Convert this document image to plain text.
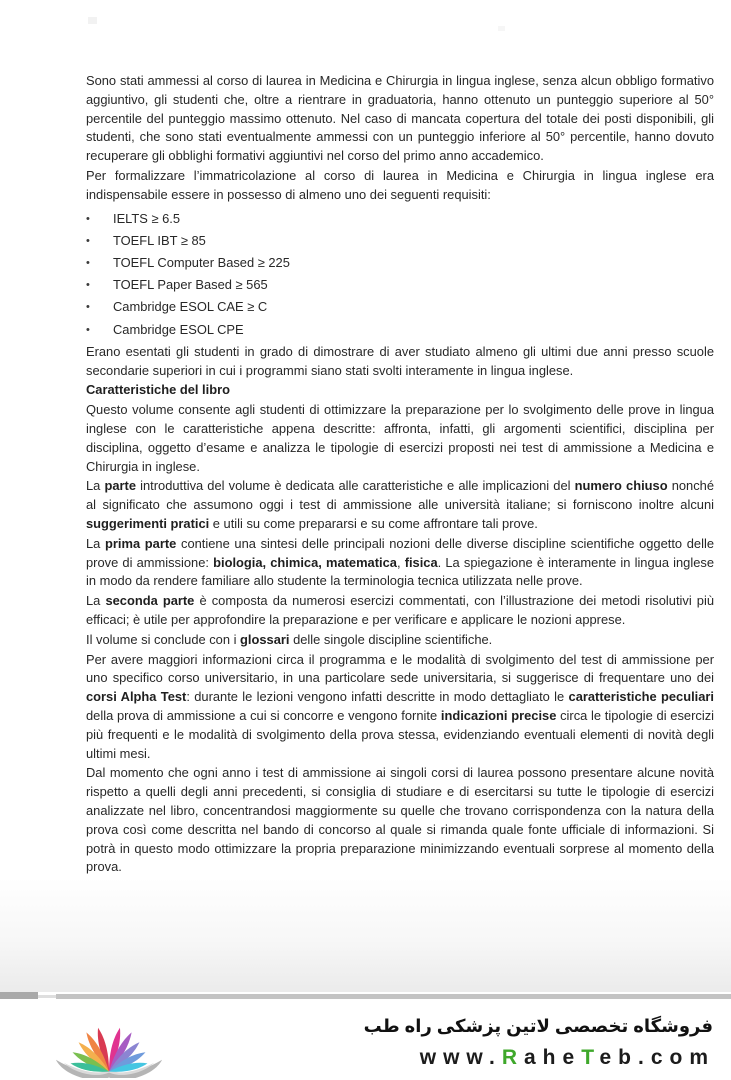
Sono stati ammessi al corso di laurea in Medicina e Chirurgia in lingua inglese, senza alcun obbligo formativo aggiuntivo, gli studenti che, oltre a rientrare in graduatoria, hanno ottenuto un punteggio superiore al 50° percentile del punteggio massimo ottenuto. Nel caso di mancata copertura del totale dei posti disponibili, gli studenti, che sono stati eventualmente ammessi con un punteggio inferiore al 50° percentile, hanno dovuto recuperare gli obblighi formativi aggiuntivi nel corso del primo anno accademico.

Per formalizzare l’immatricolazione al corso di laurea in Medicina e Chirurgia in lingua inglese era indispensabile essere in possesso di almeno uno dei seguenti requisiti:

•	IELTS ≥ 6.5
•	TOEFL IBT ≥ 85
•	TOEFL Computer Based ≥ 225
•	TOEFL Paper Based ≥ 565
•	Cambridge ESOL CAE ≥ C
•	Cambridge ESOL CPE

Erano esentati gli studenti in grado di dimostrare di aver studiato almeno gli ultimi due anni presso scuole secondarie superiori in cui i programmi siano stati svolti interamente in lingua inglese.

Caratteristiche del libro

Questo volume consente agli studenti di ottimizzare la preparazione per lo svolgimento delle prove in lingua inglese con le caratteristiche appena descritte: affronta, infatti, gli argomenti scientifici, disciplina per disciplina, oggetto d’esame e analizza le tipologie di esercizi proposti nei test di ammissione a Medicina e Chirurgia in inglese.

La parte introduttiva del volume è dedicata alle caratteristiche e alle implicazioni del numero chiuso nonché al significato che assumono oggi i test di ammissione alle università italiane; si forniscono inoltre alcuni suggerimenti pratici e utili su come prepararsi e su come affrontare tali prove.

La prima parte contiene una sintesi delle principali nozioni delle diverse discipline scientifiche oggetto delle prove di ammissione: biologia, chimica, matematica, fisica. La spiegazione è interamente in lingua inglese in modo da rendere familiare allo studente la terminologia tecnica utilizzata nelle prove.

La seconda parte è composta da numerosi esercizi commentati, con l’illustrazione dei metodi risolutivi più efficaci; è utile per approfondire la preparazione e per verificare e applicare le nozioni apprese.

Il volume si conclude con i glossari delle singole discipline scientifiche.

Per avere maggiori informazioni circa il programma e le modalità di svolgimento del test di ammissione per uno specifico corso universitario, in una particolare sede universitaria, si suggerisce di frequentare uno dei corsi Alpha Test: durante le lezioni vengono infatti descritte in modo dettagliato le caratteristiche peculiari della prova di ammissione a cui si concorre e vengono fornite indicazioni precise circa le tipologie di esercizi più frequenti e le modalità di svolgimento della prova stessa, evidenziando eventuali elementi di novità degli ultimi mesi.

Dal momento che ogni anno i test di ammissione ai singoli corsi di laurea possono presentare alcune novità rispetto a quelli degli anni precedenti, si consiglia di studiare e di esercitarsi su tutte le tipologie di esercizi analizzate nel libro, concentrandosi maggiormente su quelle che trovano corrispondenza con la natura della prova così come descritta nel bando di concorso al quale si rimanda quale fonte ufficiale di informazioni. Si potrà in questo modo ottimizzare la propria preparazione minimizzando eventuali sorprese al momento della prova.

فروشگاه تخصصی لاتین پزشکی راه طب
www.RaheTeb.com
